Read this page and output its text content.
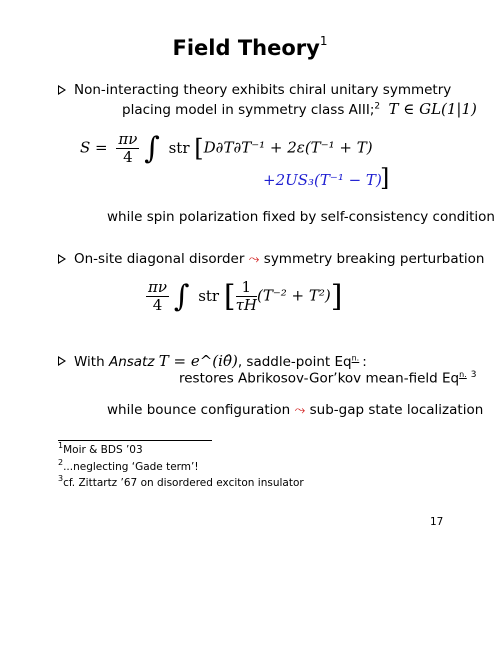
Field Theory$^1$
Non-interacting theory exhibits chiral unitary symmetry
placing model in symmetry class AIII;$^2$ T ∈ GL(1|1)
$S = \frac{\pi\nu}{4}$ ∫ str [D∂T∂T⁻¹ + 2ε(T⁻¹ + T)
+2US₃(T⁻¹ − T)
]
while spin polarization fixed by self-consistency condition
On-site diagonal disorder ⤳ symmetry breaking perturbation
$\frac{\pi\nu}{4}$ ∫ str [ $\frac{1}{\tau H} (T^{-2} + T^2)$]
With Ansatz T = e^(iθ̂), saddle-point $Eq^{n.}$ :
restores Abrikosov-Gor’kov mean-field $Eq^{n.}$ $^3$
while bounce configuration ⤳ sub-gap state localization
$^1$Moir & BDS ’03
$^2$...neglecting ‘Gade term’!
$^3$cf. Zittartz ’67 on disordered exciton insulator
17
